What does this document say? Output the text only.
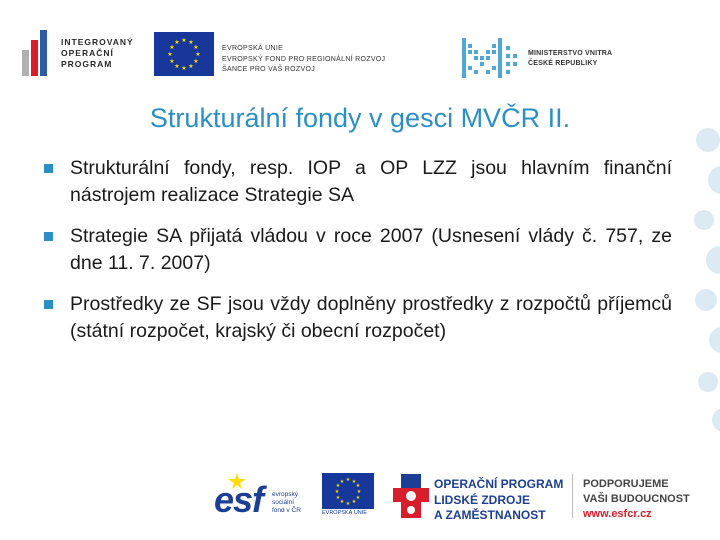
INTEGROVANÝ
OPERAČNÍ
PROGRAM
★ ★
★
★
★
★
★
★
★
★
★
★
EVROPSKÁ UNIE
EVROPSKÝ FOND PRO REGIONÁLNÍ ROZVOJ
ŠANCE PRO VAŠ ROZVOJ
MINISTERSTVO VNITRA
ČESKÉ REPUBLIKY
Strukturální fondy v gesci MVČR II.
Strukturální fondy, resp. IOP a OP LZZ jsou hlavním finanční nástrojem realizace Strategie SA
Strategie SA přijatá vládou v roce 2007 (Usnesení vlády č. 757, ze dne 11. 7. 2007)
Prostředky ze SF jsou vždy doplněny prostředky z rozpočtů příjemců (státní rozpočet, krajský či obecní rozpočet)
esf evropský
sociální
fond v ČR
★ ★
★
★
★
★
★
★
★
★
★
★
EVROPSKÁ UNIE
OPERAČNÍ PROGRAM
LIDSKÉ ZDROJE
A ZAMĚSTNANOST
PODPORUJEME
VAŠI BUDOUCNOST
www.esfcr.cz
